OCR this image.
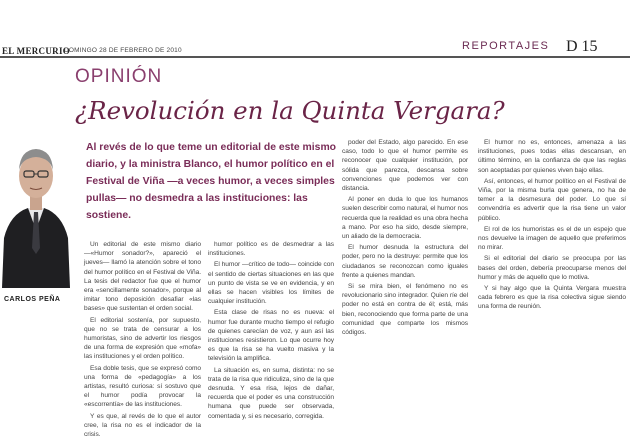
EL MERCURIO
DOMINGO 28 DE FEBRERO DE 2010	REPORTAJES D 15
OPINIÓN
¿Revolución en la Quinta Vergara?
CARLOS PEÑA
Al revés de lo que teme un editorial de este mismo diario, y la ministra Blanco, el humor político en el Festival de Viña —a veces humor, a veces simples pullas— no desmedra a las instituciones: las sostiene.

Un editorial de este mismo diario —«Humor sonador?», apareció el jueves— llamó la atención sobre el tono del humor político en el Festival de Viña. La tesis del redactor fue que el humor era «sencillamente sonador», porque al imitar tono deposición desafiar «las bases» que sustentan el orden social.

El editorial sostenía, por supuesto, que no se trata de censurar a los humoristas, sino de advertir los riesgos de una forma de expresión que «mofa» las instituciones y el orden político.

Esa doble tesis, que se expresó como una forma de «pedagogía» a los artistas, resultó curiosa: sí sostuvo que el humor podía provocar la «escorrentía» de las instituciones.

Y es que, al revés de lo que el autor cree, la risa no es el indicador de la crisis.

humor político es de desmedrar a las instituciones.

El humor —crítico de todo— coincide con el sentido de ciertas situaciones en las que un punto de vista se ve en evidencia, y en ellas se hacen visibles los límites de cualquier institución.

Esta clase de risas no es nueva: el humor fue durante mucho tiempo el refugio de quienes carecían de voz, y aun así las instituciones resistieron. Lo que ocurre hoy es que la risa se ha vuelto masiva y la televisión la amplifica.

La situación es, en suma, distinta: no se trata de la risa que ridiculiza, sino de la que desnuda. Y esa risa, lejos de dañar, recuerda que el poder es una construcción humana que puede ser observada, comentada y, si es necesario, corregida.

poder del Estado, algo parecido. En ese caso, todo lo que el humor permite es reconocer que cualquier institución, por sólida que parezca, descansa sobre convenciones que podemos ver con distancia.

Al poner en duda lo que los humanos suelen describir como natural, el humor nos recuerda que la realidad es una obra hecha a mano. Por eso ha sido, desde siempre, un aliado de la democracia.

El humor desnuda la estructura del poder, pero no la destruye: permite que los ciudadanos se reconozcan como iguales frente a quienes mandan.

Si se mira bien, el fenómeno no es revolucionario sino integrador. Quien ríe del poder no está en contra de él; está, más bien, reconociendo que forma parte de una comunidad que comparte los mismos códigos.

El humor no es, entonces, amenaza a las instituciones, pues todas ellas descansan, en último término, en la confianza de que las reglas son aceptadas por quienes viven bajo ellas.

Así, entonces, el humor político en el Festival de Viña, por la misma burla que genera, no ha de temer a la desmesura del poder. Lo que sí convendría es advertir que la risa tiene un valor público.

El rol de los humoristas es el de un espejo que nos devuelve la imagen de aquello que preferimos no mirar.

Si el editorial del diario se preocupa por las bases del orden, debería preocuparse menos del humor y más de aquello que lo motiva.

Y si hay algo que la Quinta Vergara muestra cada febrero es que la risa colectiva sigue siendo una forma de reunión.
